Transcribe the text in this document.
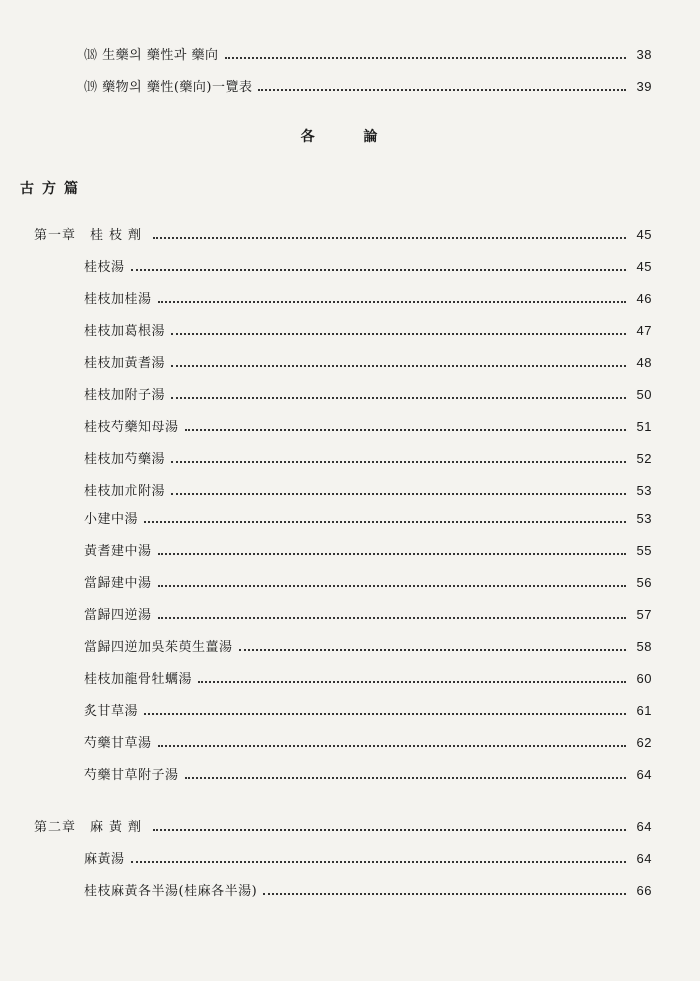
⒅ 生藥의 藥性과 藥向	38
⒆ 藥物의 藥性(藥向)一覽表	39
各 論
古方篇
第一章	桂枝劑	45
桂枝湯	45
桂枝加桂湯	46
桂枝加葛根湯	47
桂枝加黃耆湯	48
桂枝加附子湯	50
桂枝芍藥知母湯	51
桂枝加芍藥湯	52
桂枝加朮附湯	53
小建中湯	53
黃耆建中湯	55
當歸建中湯	56
當歸四逆湯	57
當歸四逆加吳茱萸生薑湯	58
桂枝加龍骨牡蠣湯	60
炙甘草湯	61
芍藥甘草湯	62
芍藥甘草附子湯	64
第二章	麻黃劑	64
麻黃湯	64
桂枝麻黃各半湯(桂麻各半湯)	66
